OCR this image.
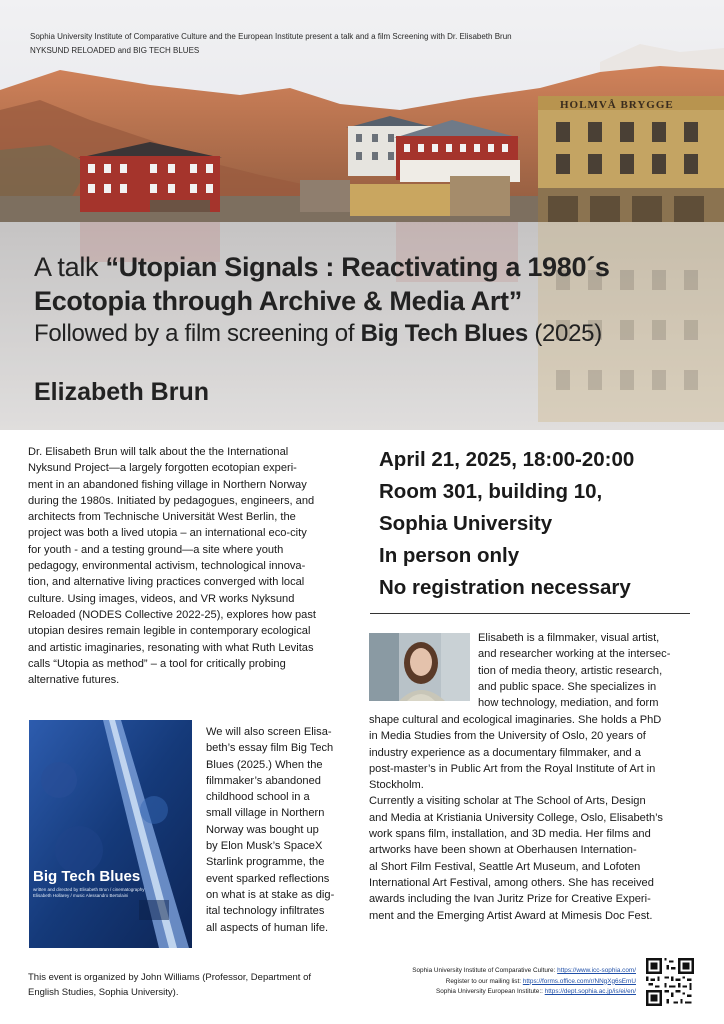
HOLMVÅ BRYGGE
Sophia University Institute of Comparative Culture and the European Institute present a talk and a film Screening with Dr. Elisabeth Brun
NYKSUND RELOADED and BIG TECH BLUES
A talk “Utopian Signals : Reactivating a 1980´s
Ecotopia through Archive & Media Art”
Followed by a film screening of Big Tech Blues (2025)
Elizabeth Brun
Dr. Elisabeth Brun will talk about the the International
Nyksund Project—a largely forgotten ecotopian experi-
ment in an abandoned fishing village in Northern Norway
during the 1980s. Initiated by pedagogues, engineers, and
architects from Technische Universität West Berlin, the
project was both a lived utopia – an international eco-city
for youth - and a testing ground—a site where youth
pedagogy, environmental activism, technological innova-
tion, and alternative living practices converged with local
culture. Using images, videos, and VR works Nyksund
Reloaded (NODES Collective 2022-25), explores how past
utopian desires remain legible in contemporary ecological
and artistic imaginaries, resonating with what Ruth Levitas
calls “Utopia as method” – a tool for critically probing
alternative futures.
Big Tech Blues
written and directed by Elisabeth Brun / cinematography Elisabeth Hollarey / music Alessandro Bertolaini
We will also screen Elisa-
beth’s essay film Big Tech
Blues (2025.) When the
filmmaker’s abandoned
childhood school in a
small village in Northern
Norway was bought up
by Elon Musk’s SpaceX
Starlink programme, the
event sparked reflections
on what is at stake as dig-
ital technology infiltrates
all aspects of human life.
This event is organized by John Williams (Professor, Department of
English Studies, Sophia University).
April 21, 2025, 18:00-20:00
Room 301, building 10,
Sophia University
In person only
No registration necessary
Elisabeth is a filmmaker, visual artist,
and researcher working at the intersec-
tion of media theory, artistic research,
and public space. She specializes in
how technology, mediation, and form
shape cultural and ecological imaginaries. She holds a PhD
in Media Studies from the University of Oslo, 20 years of
industry experience as a documentary filmmaker, and a
post-master’s in Public Art from the Royal Institute of Art in
Stockholm.
Currently a visiting scholar at The School of Arts, Design
and Media at Kristiania University College, Oslo, Elisabeth’s
work spans film, installation, and 3D media. Her films and
artworks have been shown at Oberhausen Internation-
al Short Film Festival, Seattle Art Museum, and Lofoten
International Art Festival, among others. She has received
awards including the Ivan Juritz Prize for Creative Experi-
ment and the Emerging Artist Award at Mimesis Doc Fest.
Sophia University Institute of Comparative Culture: https://www.icc-sophia.com/
Register to our mailing list: https://forms.office.com/r/NNgXg6sEmU
Sophia University European Institute:: https://dept.sophia.ac.jp/is/ei/en/
